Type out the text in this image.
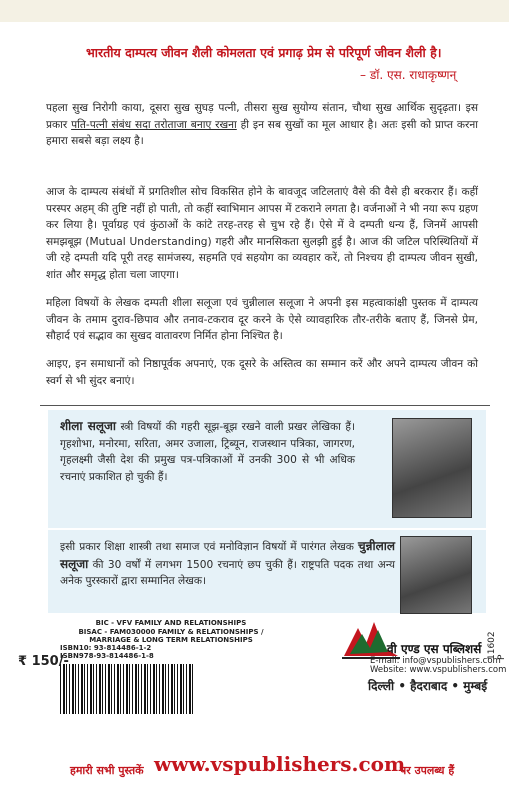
भारतीय दाम्पत्य जीवन शैली कोमलता एवं प्रगाढ़ प्रेम से परिपूर्ण जीवन शैली है।
– डॉ. एस. राधाकृष्णन्
पहला सुख निरोगी काया, दूसरा सुख सुघड़ पत्नी, तीसरा सुख सुयोग्य संतान, चौथा सुख आर्थिक सुदृढ़ता। इस प्रकार पति-पत्नी संबंध सदा तरोताजा बनाए रखना ही इन सब सुखों का मूल आधार है। अतः इसी को प्राप्त करना हमारा सबसे बड़ा लक्ष्य है।
आज के दाम्पत्य संबंधों में प्रगतिशील सोच विकसित होने के बावजूद जटिलताएं वैसे की वैसे ही बरकरार हैं। कहीं परस्पर अहम् की तुष्टि नहीं हो पाती, तो कहीं स्वाभिमान आपस में टकराने लगता है। वर्जनाओं ने भी नया रूप ग्रहण कर लिया है। पूर्वाग्रह एवं कुंठाओं के कांटे तरह-तरह से चुभ रहे हैं। ऐसे में वे दम्पती धन्य हैं, जिनमें आपसी समझबूझ (Mutual Understanding) गहरी और मानसिकता सुलझी हुई है। आज की जटिल परिस्थितियों में जी रहे दम्पती यदि पूरी तरह सामंजस्य, सहमति एवं सहयोग का व्यवहार करें, तो निश्चय ही दाम्पत्य जीवन सुखी, शांत और समृद्ध होता चला जाएगा।
महिला विषयों के लेखक दम्पती शीला सलूजा एवं चुन्नीलाल सलूजा ने अपनी इस महत्वाकांक्षी पुस्तक में दाम्पत्य जीवन के तमाम दुराव-छिपाव और तनाव-टकराव दूर करने के ऐसे व्यावहारिक तौर-तरीके बताए हैं, जिनसे प्रेम, सौहार्द एवं सद्भाव का सुखद वातावरण निर्मित होना निश्चित है।
आइए, इन समाधानों को निष्ठापूर्वक अपनाएं, एक दूसरे के अस्तित्व का सम्मान करें और अपने दाम्पत्य जीवन को स्वर्ग से भी सुंदर बनाएं।
शीला सलूजा स्त्री विषयों की गहरी सूझ-बूझ रखने वाली प्रखर लेखिका हैं। गृहशोभा, मनोरमा, सरिता, अमर उजाला, ट्रिब्यून, राजस्थान पत्रिका, जागरण, गृहलक्ष्मी जैसी देश की प्रमुख पत्र-पत्रिकाओं में उनकी 300 से भी अधिक रचनाएं प्रकाशित हो चुकी हैं।
इसी प्रकार शिक्षा शास्त्री तथा समाज एवं मनोविज्ञान विषयों में पारंगत लेखक चुन्नीलाल सलूजा की 30 वर्षों में लगभग 1500 रचनाएं छप चुकी हैं। राष्ट्रपति पदक तथा अन्य अनेक पुरस्कारों द्वारा सम्मानित लेखक।
BIC - VFV FAMILY AND RELATIONSHIPS
BISAC - FAM030000 FAMILY & RELATIONSHIPS /
MARRIAGE & LONG TERM RELATIONSHIPS
ISBN10: 93-814486-1-2
ISBN978-93-814486-1-8
₹ 150/-
11602 P
वी एण्ड एस पब्लिशर्स
E-mail: info@vspublishers.com
Website: www.vspublishers.com
दिल्ली • हैदराबाद • मुम्बई
हमारी सभी पुस्तकें www.vspublishers.com
पर उपलब्ध हैं
